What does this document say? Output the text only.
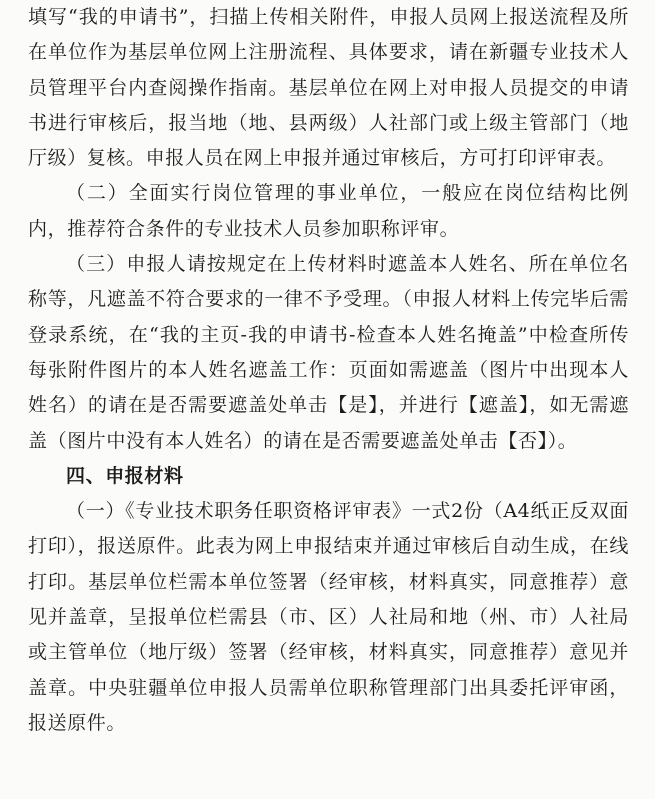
填写“我的申请书”，扫描上传相关附件，申报人员网上报送流程及所在单位作为基层单位网上注册流程、具体要求，请在新疆专业技术人员管理平台内查阅操作指南。基层单位在网上对申报人员提交的申请书进行审核后，报当地（地、县两级）人社部门或上级主管部门（地厅级）复核。申报人员在网上申报并通过审核后，方可打印评审表。

（二）全面实行岗位管理的事业单位，一般应在岗位结构比例内，推荐符合条件的专业技术人员参加职称评审。

（三）申报人请按规定在上传材料时遮盖本人姓名、所在单位名称等，凡遮盖不符合要求的一律不予受理。（申报人材料上传完毕后需登录系统，在“我的主页-我的申请书-检查本人姓名掩盖”中检查所传每张附件图片的本人姓名遮盖工作：页面如需遮盖（图片中出现本人姓名）的请在是否需要遮盖处单击【是】，并进行【遮盖】，如无需遮盖（图片中没有本人姓名）的请在是否需要遮盖处单击【否】）。

四、申报材料

（一）《专业技术职务任职资格评审表》一式2份（A4纸正反双面打印），报送原件。此表为网上申报结束并通过审核后自动生成，在线打印。基层单位栏需本单位签署（经审核，材料真实，同意推荐）意见并盖章，呈报单位栏需县（市、区）人社局和地（州、市）人社局或主管单位（地厅级）签署（经审核，材料真实，同意推荐）意见并盖章。中央驻疆单位申报人员需单位职称管理部门出具委托评审函，报送原件。
